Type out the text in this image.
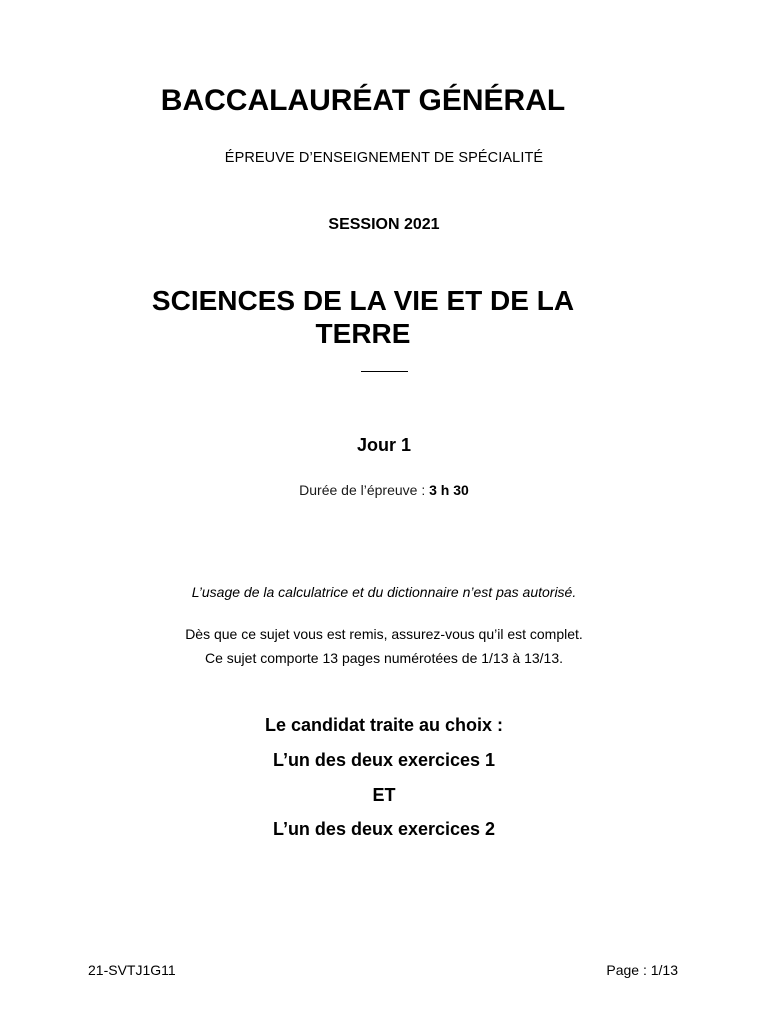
BACCALAURÉAT GÉNÉRAL
ÉPREUVE D’ENSEIGNEMENT DE SPÉCIALITÉ
SESSION 2021
SCIENCES DE LA VIE ET DE LA
TERRE
Jour 1
Durée de l’épreuve : 3 h 30
L’usage de la calculatrice et du dictionnaire n’est pas autorisé.
Dès que ce sujet vous est remis, assurez-vous qu’il est complet.
Ce sujet comporte 13 pages numérotées de 1/13 à 13/13.
Le candidat traite au choix :
L’un des deux exercices 1
ET
L’un des deux exercices 2
21-SVTJ1G11	Page : 1/13
